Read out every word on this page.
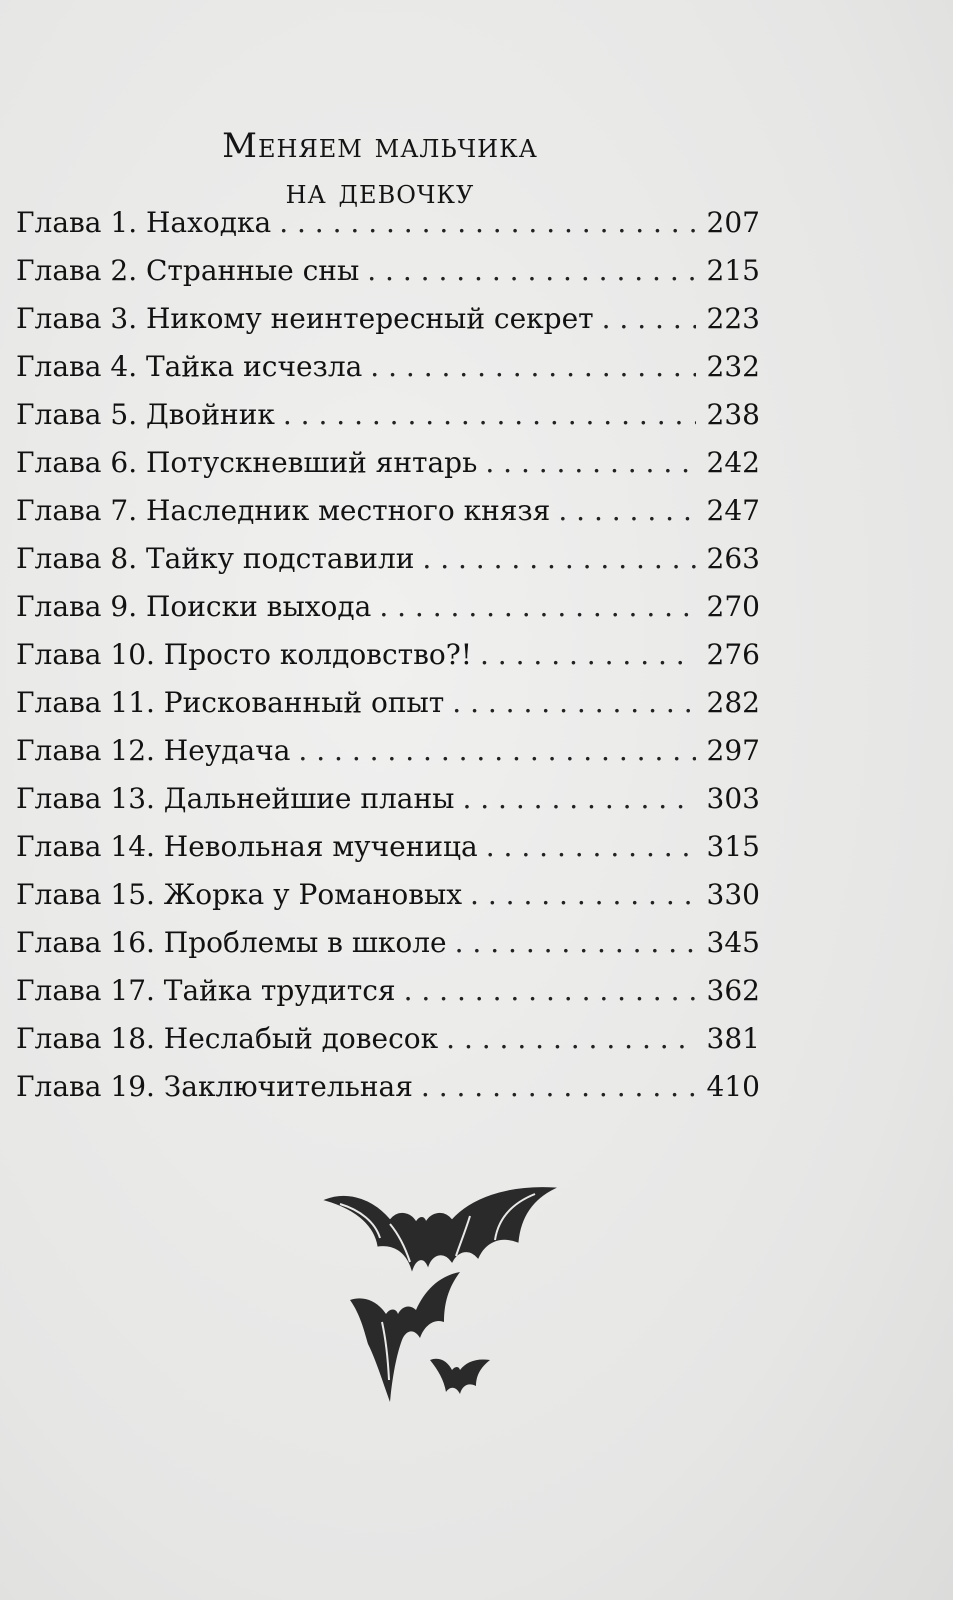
Меняем мальчика
на девочку
Глава 1. Находка . . .	207
Глава 2. Странные сны . . .	215
Глава 3. Никому неинтересный секрет . . .	223
Глава 4. Тайка исчезла . . .	232
Глава 5. Двойник . . .	238
Глава 6. Потускневший янтарь . . .	242
Глава 7. Наследник местного князя . . .	247
Глава 8. Тайку подставили . . .	263
Глава 9. Поиски выхода . . .	270
Глава 10. Просто колдовство?! . . .	276
Глава 11. Рискованный опыт . . .	282
Глава 12. Неудача . . .	297
Глава 13. Дальнейшие планы . . .	303
Глава 14. Невольная мученица . . .	315
Глава 15. Жорка у Романовых . . .	330
Глава 16. Проблемы в школе . . .	345
Глава 17. Тайка трудится . . .	362
Глава 18. Неслабый довесок . . .	381
Глава 19. Заключительная . . .	410
